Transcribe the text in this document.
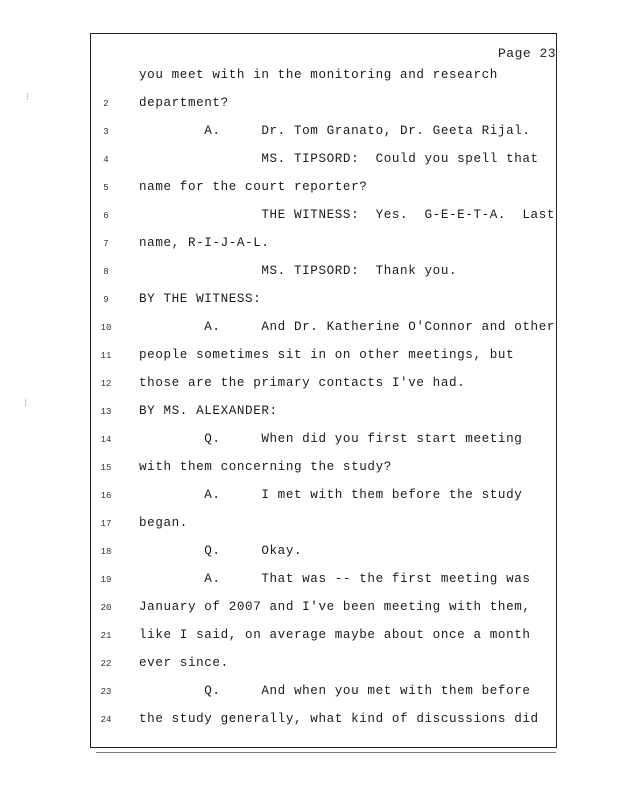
Page 23
you meet with in the monitoring and research
2	department?
3	A.     Dr. Tom Granato, Dr. Geeta Rijal.
4	MS. TIPSORD:  Could you spell that
5	name for the court reporter?
6	THE WITNESS:  Yes.  G-E-E-T-A.  Last
7	name, R-I-J-A-L.
8	MS. TIPSORD:  Thank you.
9	BY THE WITNESS:
10	A.     And Dr. Katherine O'Connor and other
11	people sometimes sit in on other meetings, but
12	those are the primary contacts I've had.
13	BY MS. ALEXANDER:
14	Q.     When did you first start meeting
15	with them concerning the study?
16	A.     I met with them before the study
17	began.
18	Q.     Okay.
19	A.     That was -- the first meeting was
20	January of 2007 and I've been meeting with them,
21	like I said, on average maybe about once a month
22	ever since.
23	Q.     And when you met with them before
24	the study generally, what kind of discussions did
⁝
⁝
